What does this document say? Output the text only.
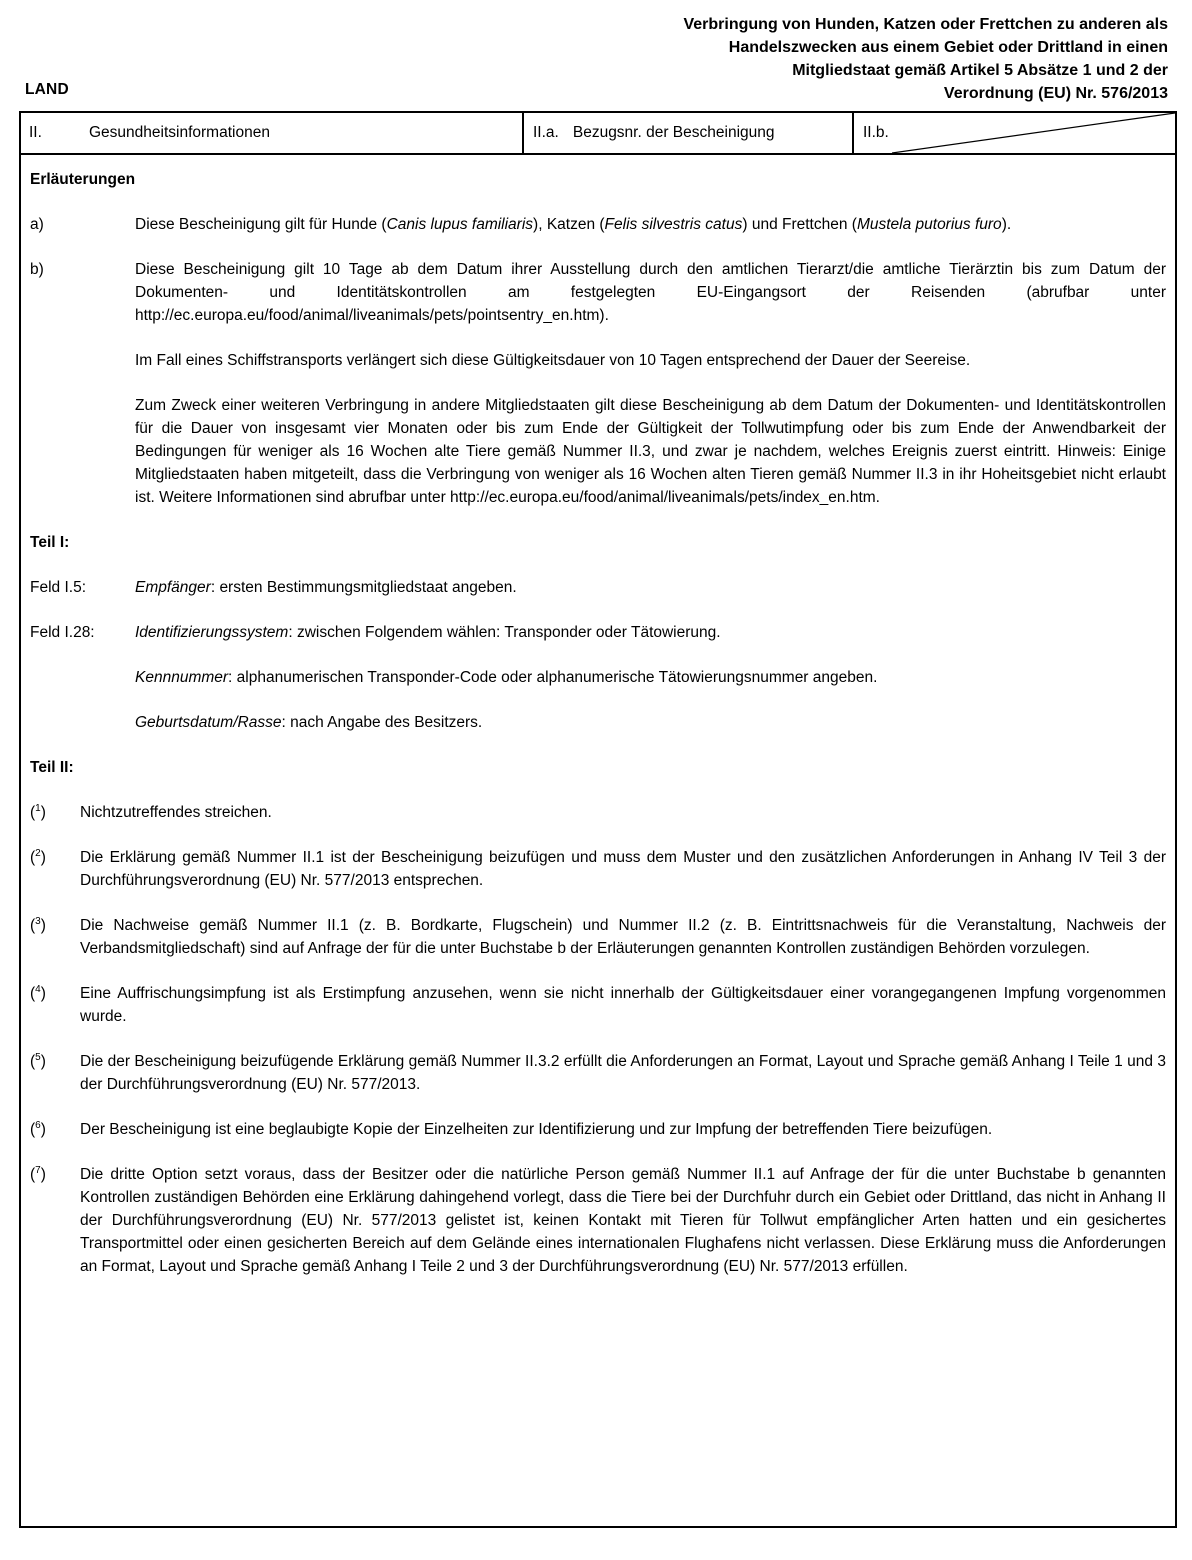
LAND
Verbringung von Hunden, Katzen oder Frettchen zu anderen als
Handelszwecken aus einem Gebiet oder Drittland in einen
Mitgliedstaat gemäß Artikel 5 Absätze 1 und 2 der
Verordnung (EU) Nr. 576/2013
II.	Gesundheitsinformationen	II.a. Bezugsnr. der Bescheinigung	II.b.
Erläuterungen
a)	Diese Bescheinigung gilt für Hunde (Canis lupus familiaris), Katzen (Felis silvestris catus) und Frettchen (Mustela putorius furo).
b)	Diese Bescheinigung gilt 10 Tage ab dem Datum ihrer Ausstellung durch den amtlichen Tierarzt/die amtliche Tierärztin bis zum Datum der Dokumenten- und Identitätskontrollen am festgelegten EU-Eingangsort der Reisenden (abrufbar unter http://ec.europa.eu/food/animal/liveanimals/pets/pointsentry_en.htm).

Im Fall eines Schiffstransports verlängert sich diese Gültigkeitsdauer von 10 Tagen entsprechend der Dauer der Seereise.

Zum Zweck einer weiteren Verbringung in andere Mitgliedstaaten gilt diese Bescheinigung ab dem Datum der Dokumenten- und Identitätskontrollen für die Dauer von insgesamt vier Monaten oder bis zum Ende der Gültigkeit der Tollwutimpfung oder bis zum Ende der Anwendbarkeit der Bedingungen für weniger als 16 Wochen alte Tiere gemäß Nummer II.3, und zwar je nachdem, welches Ereignis zuerst eintritt. Hinweis: Einige Mitgliedstaaten haben mitgeteilt, dass die Verbringung von weniger als 16 Wochen alten Tieren gemäß Nummer II.3 in ihr Hoheitsgebiet nicht erlaubt ist. Weitere Informationen sind abrufbar unter http://ec.europa.eu/food/animal/liveanimals/pets/index_en.htm.

Teil I:
Feld I.5:	Empfänger: ersten Bestimmungsmitgliedstaat angeben.
Feld I.28:	Identifizierungssystem: zwischen Folgendem wählen: Transponder oder Tätowierung.
Kennnummer: alphanumerischen Transponder-Code oder alphanumerische Tätowierungsnummer angeben.
Geburtsdatum/Rasse: nach Angabe des Besitzers.
Teil II:
($^1$)	Nichtzutreffendes streichen.
($^2$)	Die Erklärung gemäß Nummer II.1 ist der Bescheinigung beizufügen und muss dem Muster und den zusätzlichen Anforderungen in Anhang IV Teil 3 der Durchführungsverordnung (EU) Nr. 577/2013 entsprechen.
($^3$)	Die Nachweise gemäß Nummer II.1 (z. B. Bordkarte, Flugschein) und Nummer II.2 (z. B. Eintrittsnachweis für die Veranstaltung, Nachweis der Verbandsmitgliedschaft) sind auf Anfrage der für die unter Buchstabe b der Erläuterungen genannten Kontrollen zuständigen Behörden vorzulegen.
($^4$)	Eine Auffrischungsimpfung ist als Erstimpfung anzusehen, wenn sie nicht innerhalb der Gültigkeitsdauer einer vorangegangenen Impfung vorgenommen wurde.
($^5$)	Die der Bescheinigung beizufügende Erklärung gemäß Nummer II.3.2 erfüllt die Anforderungen an Format, Layout und Sprache gemäß Anhang I Teile 1 und 3 der Durchführungsverordnung (EU) Nr. 577/2013.
($^6$)	Der Bescheinigung ist eine beglaubigte Kopie der Einzelheiten zur Identifizierung und zur Impfung der betreffenden Tiere beizufügen.
($^7$)	Die dritte Option setzt voraus, dass der Besitzer oder die natürliche Person gemäß Nummer II.1 auf Anfrage der für die unter Buchstabe b genannten Kontrollen zuständigen Behörden eine Erklärung dahingehend vorlegt, dass die Tiere bei der Durchfuhr durch ein Gebiet oder Drittland, das nicht in Anhang II der Durchführungsverordnung (EU) Nr. 577/2013 gelistet ist, keinen Kontakt mit Tieren für Tollwut empfänglicher Arten hatten und ein gesichertes Transportmittel oder einen gesicherten Bereich auf dem Gelände eines internationalen Flughafens nicht verlassen. Diese Erklärung muss die Anforderungen an Format, Layout und Sprache gemäß Anhang I Teile 2 und 3 der Durchführungsverordnung (EU) Nr. 577/2013 erfüllen.
